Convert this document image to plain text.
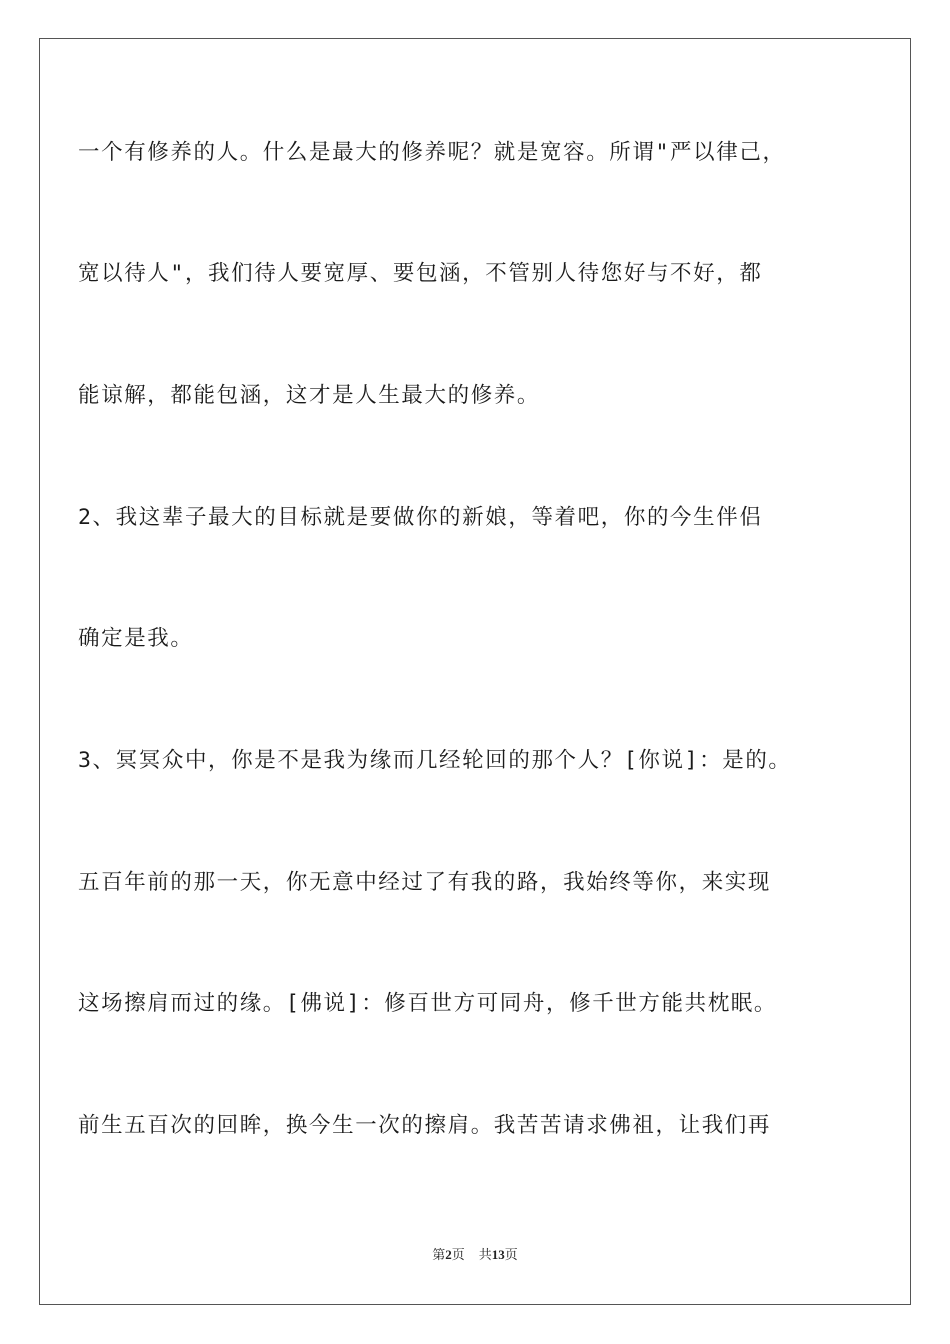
一个有修养的人。什么是最大的修养呢？就是宽容。所谓"严以律己，
宽以待人"，我们待人要宽厚、要包涵，不管别人待您好与不好，都
能谅解，都能包涵，这才是人生最大的修养。
2、我这辈子最大的目标就是要做你的新娘，等着吧，你的今生伴侣
确定是我。
3、冥冥众中，你是不是我为缘而几经轮回的那个人？[你说]：是的。
五百年前的那一天，你无意中经过了有我的路，我始终等你，来实现
这场擦肩而过的缘。[佛说]：修百世方可同舟，修千世方能共枕眠。
前生五百次的回眸，换今生一次的擦肩。我苦苦请求佛祖，让我们再
第2页 共13页
